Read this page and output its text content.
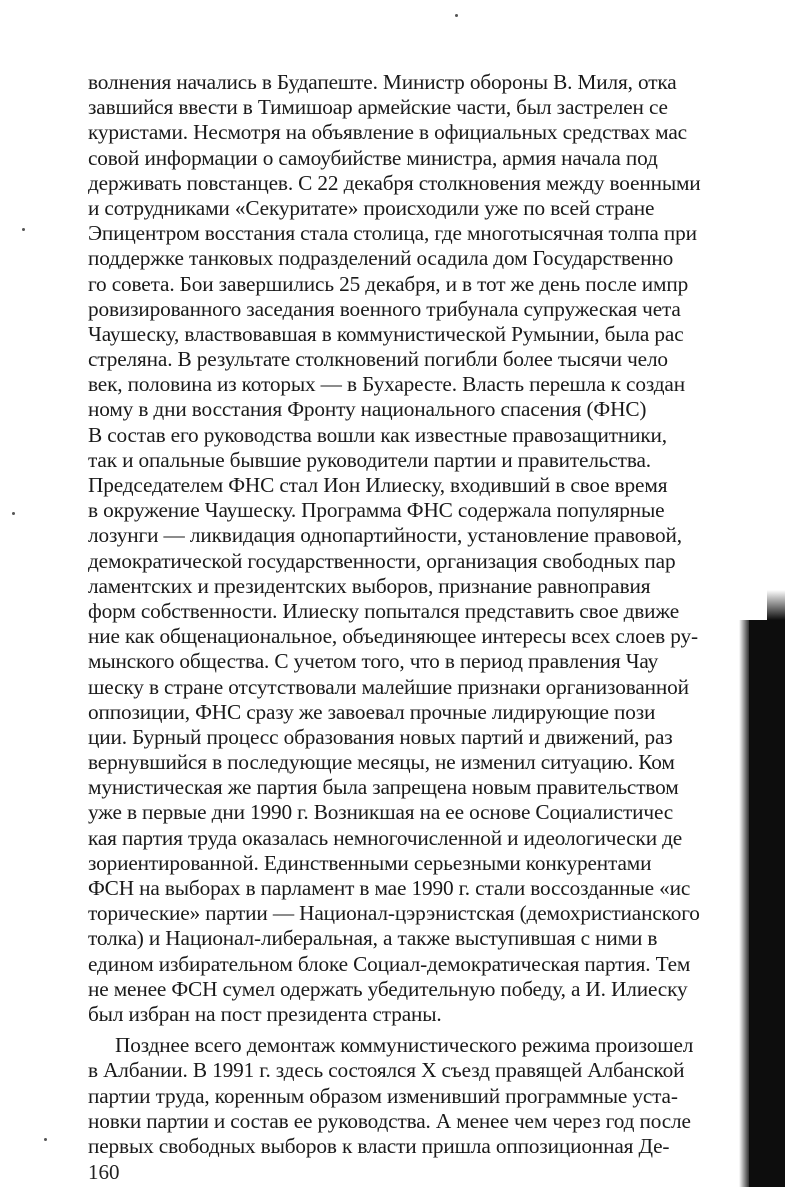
волнения начались в Будапеште. Министр обороны В. Миля, отка
завшийся ввести в Тимишоар армейские части, был застрелен се
куристами. Несмотря на объявление в официальных средствах мас
совой информации о самоубийстве министра, армия начала под
держивать повстанцев. С 22 декабря столкновения между военными
и сотрудниками «Секуритате» происходили уже по всей стране
Эпицентром восстания стала столица, где многотысячная толпа при
поддержке танковых подразделений осадила дом Государственно
го совета. Бои завершились 25 декабря, и в тот же день после импр
ровизированного заседания военного трибунала супружеская чета
Чаушеску, властвовавшая в коммунистической Румынии, была рас
стреляна. В результате столкновений погибли более тысячи чело
век, половина из которых — в Бухаресте. Власть перешла к создан
ному в дни восстания Фронту национального спасения (ФНС)
В состав его руководства вошли как известные правозащитники,
так и опальные бывшие руководители партии и правительства.
Председателем ФНС стал Ион Илиеску, входивший в свое время
в окружение Чаушеску. Программа ФНС содержала популярные
лозунги — ликвидация однопартийности, установление правовой,
демократической государственности, организация свободных пар
ламентских и президентских выборов, признание равноправия
форм собственности. Илиеску попытался представить свое движе
ние как общенациональное, объединяющее интересы всех слоев ру-
мынского общества. С учетом того, что в период правления Чау
шеску в стране отсутствовали малейшие признаки организованной
оппозиции, ФНС сразу же завоевал прочные лидирующие пози
ции. Бурный процесс образования новых партий и движений, раз
вернувшийся в последующие месяцы, не изменил ситуацию. Ком
мунистическая же партия была запрещена новым правительством
уже в первые дни 1990 г. Возникшая на ее основе Социалистичес
кая партия труда оказалась немногочисленной и идеологически де
зориентированной. Единственными серьезными конкурентами
ФСН на выборах в парламент в мае 1990 г. стали воссозданные «ис
торические» партии — Национал-цэрэнистская (демохристианского
толка) и Национал-либеральная, а также выступившая с ними в
едином избирательном блоке Социал-демократическая партия. Тем
не менее ФСН сумел одержать убедительную победу, а И. Илиеску
был избран на пост президента страны.
Позднее всего демонтаж коммунистического режима произошел
в Албании. В 1991 г. здесь состоялся X съезд правящей Албанской
партии труда, коренным образом изменивший программные уста-
новки партии и состав ее руководства. А менее чем через год после
первых свободных выборов к власти пришла оппозиционная Де-
160
